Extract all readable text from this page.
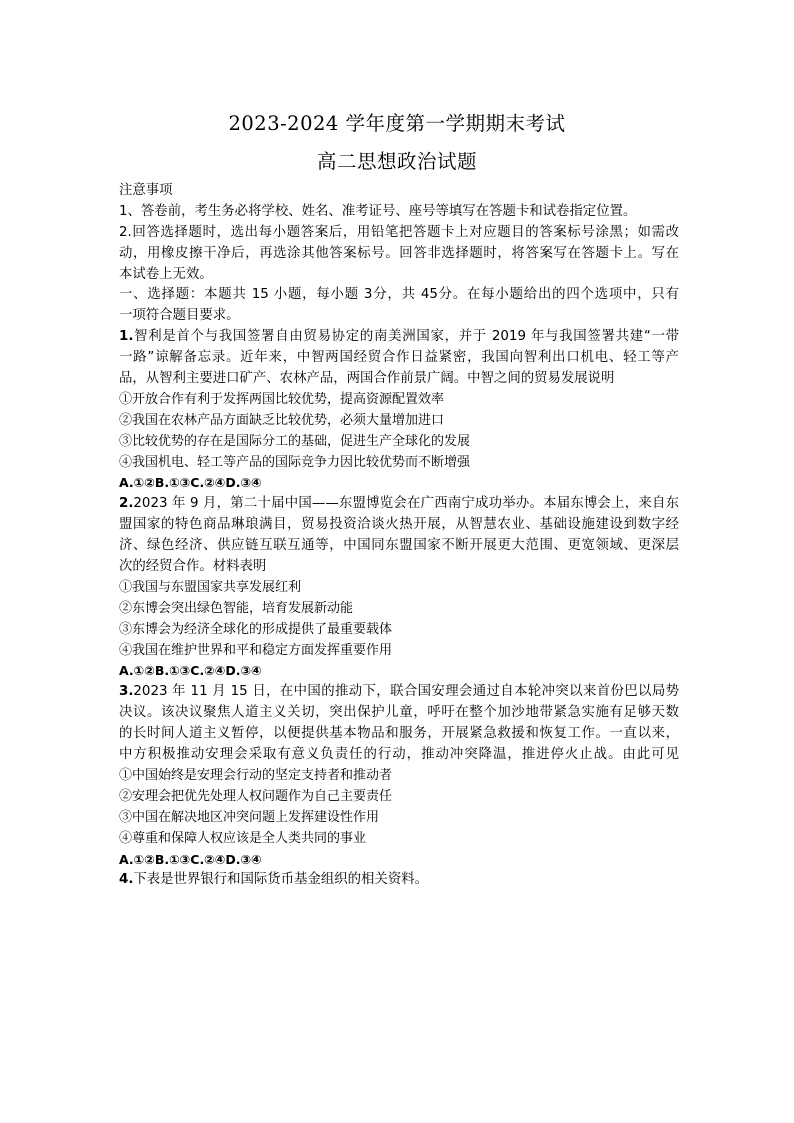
2023-2024 学年度第一学期期末考试
高二思想政治试题
注意事项
1、答卷前，考生务必将学校、姓名、准考证号、座号等填写在答题卡和试卷指定位置。
2.回答选择题时，选出每小题答案后，用铅笔把答题卡上对应题目的答案标号涂黑；如需改
动，用橡皮擦干净后，再选涂其他答案标号。回答非选择题时，将答案写在答题卡上。写在
本试卷上无效。
一、选择题：本题共 15 小题，每小题 3分，共 45分。在每小题给出的四个选项中，只有
一项符合题目要求。
1.智利是首个与我国签署自由贸易协定的南美洲国家，并于 2019 年与我国签署共建“一带
一路”谅解备忘录。近年来，中智两国经贸合作日益紧密，我国向智利出口机电、轻工等产
品，从智利主要进口矿产、农林产品，两国合作前景广阔。中智之间的贸易发展说明
①开放合作有利于发挥两国比较优势，提高资源配置效率
②我国在农林产品方面缺乏比较优势，必须大量增加进口
③比较优势的存在是国际分工的基础，促进生产全球化的发展
④我国机电、轻工等产品的国际竞争力因比较优势而不断增强
A.①②B.①③C.②④D.③④
2.2023 年 9 月，第二十届中国——东盟博览会在广西南宁成功举办。本届东博会上，来自东
盟国家的特色商品琳琅满目，贸易投资洽谈火热开展，从智慧农业、基础设施建设到数字经
济、绿色经济、供应链互联互通等，中国同东盟国家不断开展更大范围、更宽领域、更深层
次的经贸合作。材料表明
①我国与东盟国家共享发展红利
②东博会突出绿色智能，培育发展新动能
③东博会为经济全球化的形成提供了最重要载体
④我国在维护世界和平和稳定方面发挥重要作用
A.①②B.①③C.②④D.③④
3.2023 年 11 月 15 日，在中国的推动下，联合国安理会通过自本轮冲突以来首份巴以局势
决议。该决议聚焦人道主义关切，突出保护儿童，呼吁在整个加沙地带紧急实施有足够天数
的长时间人道主义暂停，以便提供基本物品和服务，开展紧急救援和恢复工作。一直以来，
中方积极推动安理会采取有意义负责任的行动，推动冲突降温，推进停火止战。由此可见
①中国始终是安理会行动的坚定支持者和推动者
②安理会把优先处理人权问题作为自己主要责任
③中国在解决地区冲突问题上发挥建设性作用
④尊重和保障人权应该是全人类共同的事业
A.①②B.①③C.②④D.③④
4.下表是世界银行和国际货币基金组织的相关资料。
